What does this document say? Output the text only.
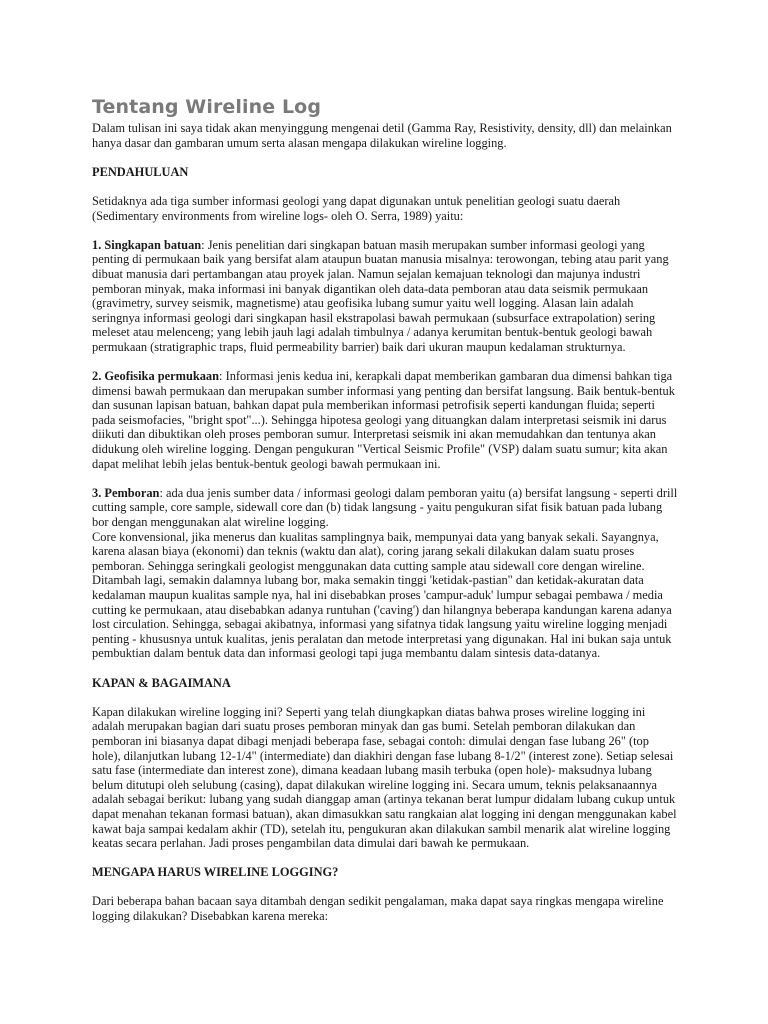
Tentang Wireline Log

Dalam tulisan ini saya tidak akan menyinggung mengenai detil (Gamma Ray, Resistivity, density, dll) dan melainkan hanya dasar dan gambaran umum serta alasan mengapa dilakukan wireline logging.

PENDAHULUAN

Setidaknya ada tiga sumber informasi geologi yang dapat digunakan untuk penelitian geologi suatu daerah (Sedimentary environments from wireline logs- oleh O. Serra, 1989) yaitu:

1. Singkapan batuan: Jenis penelitian dari singkapan batuan masih merupakan sumber informasi geologi yang penting di permukaan baik yang bersifat alam ataupun buatan manusia misalnya: terowongan, tebing atau parit yang dibuat manusia dari pertambangan atau proyek jalan. Namun sejalan kemajuan teknologi dan majunya industri pemboran minyak, maka informasi ini banyak digantikan oleh data-data pemboran atau data seismik permukaan (gravimetry, survey seismik, magnetisme) atau geofisika lubang sumur yaitu well logging. Alasan lain adalah seringnya informasi geologi dari singkapan hasil ekstrapolasi bawah permukaan (subsurface extrapolation) sering meleset atau melenceng; yang lebih jauh lagi adalah timbulnya / adanya kerumitan bentuk-bentuk geologi bawah permukaan (stratigraphic traps, fluid permeability barrier) baik dari ukuran maupun kedalaman strukturnya.

2. Geofisika permukaan: Informasi jenis kedua ini, kerapkali dapat memberikan gambaran dua dimensi bahkan tiga dimensi bawah permukaan dan merupakan sumber informasi yang penting dan bersifat langsung. Baik bentuk-bentuk dan susunan lapisan batuan, bahkan dapat pula memberikan informasi petrofisik seperti kandungan fluida; seperti pada seismofacies, "bright spot"...). Sehingga hipotesa geologi yang dituangkan dalam interpretasi seismik ini darus diikuti dan dibuktikan oleh proses pemboran sumur. Interpretasi seismik ini akan memudahkan dan tentunya akan didukung oleh wireline logging. Dengan pengukuran "Vertical Seismic Profile" (VSP) dalam suatu sumur; kita akan dapat melihat lebih jelas bentuk-bentuk geologi bawah permukaan ini.

3. Pemboran: ada dua jenis sumber data / informasi geologi dalam pemboran yaitu (a) bersifat langsung - seperti drill cutting sample, core sample, sidewall core dan (b) tidak langsung - yaitu pengukuran sifat fisik batuan pada lubang bor dengan menggunakan alat wireline logging.

Core konvensional, jika menerus dan kualitas samplingnya baik, mempunyai data yang banyak sekali. Sayangnya, karena alasan biaya (ekonomi) dan teknis (waktu dan alat), coring jarang sekali dilakukan dalam suatu proses pemboran. Sehingga seringkali geologist menggunakan data cutting sample atau sidewall core dengan wireline. Ditambah lagi, semakin dalamnya lubang bor, maka semakin tinggi 'ketidak-pastian" dan ketidak-akuratan data kedalaman maupun kualitas sample nya, hal ini disebabkan proses 'campur-aduk' lumpur sebagai pembawa / media cutting ke permukaan, atau disebabkan adanya runtuhan ('caving') dan hilangnya beberapa kandungan karena adanya lost circulation. Sehingga, sebagai akibatnya, informasi yang sifatnya tidak langsung yaitu wireline logging menjadi penting - khususnya untuk kualitas, jenis peralatan dan metode interpretasi yang digunakan. Hal ini bukan saja untuk pembuktian dalam bentuk data dan informasi geologi tapi juga membantu dalam sintesis data-datanya.

KAPAN & BAGAIMANA

Kapan dilakukan wireline logging ini? Seperti yang telah diungkapkan diatas bahwa proses wireline logging ini adalah merupakan bagian dari suatu proses pemboran minyak dan gas bumi. Setelah pemboran dilakukan dan pemboran ini biasanya dapat dibagi menjadi beberapa fase, sebagai contoh: dimulai dengan fase lubang 26" (top hole), dilanjutkan lubang 12-1/4" (intermediate) dan diakhiri dengan fase lubang 8-1/2" (interest zone). Setiap selesai satu fase (intermediate dan interest zone), dimana keadaan lubang masih terbuka (open hole)- maksudnya lubang belum ditutupi oleh selubung (casing), dapat dilakukan wireline logging ini. Secara umum, teknis pelaksanaannya adalah sebagai berikut: lubang yang sudah dianggap aman (artinya tekanan berat lumpur didalam lubang cukup untuk dapat menahan tekanan formasi batuan), akan dimasukkan satu rangkaian alat logging ini dengan menggunakan kabel kawat baja sampai kedalam akhir (TD), setelah itu, pengukuran akan dilakukan sambil menarik alat wireline logging keatas secara perlahan. Jadi proses pengambilan data dimulai dari bawah ke permukaan.

MENGAPA HARUS WIRELINE LOGGING?

Dari beberapa bahan bacaan saya ditambah dengan sedikit pengalaman, maka dapat saya ringkas mengapa wireline logging dilakukan? Disebabkan karena mereka:
